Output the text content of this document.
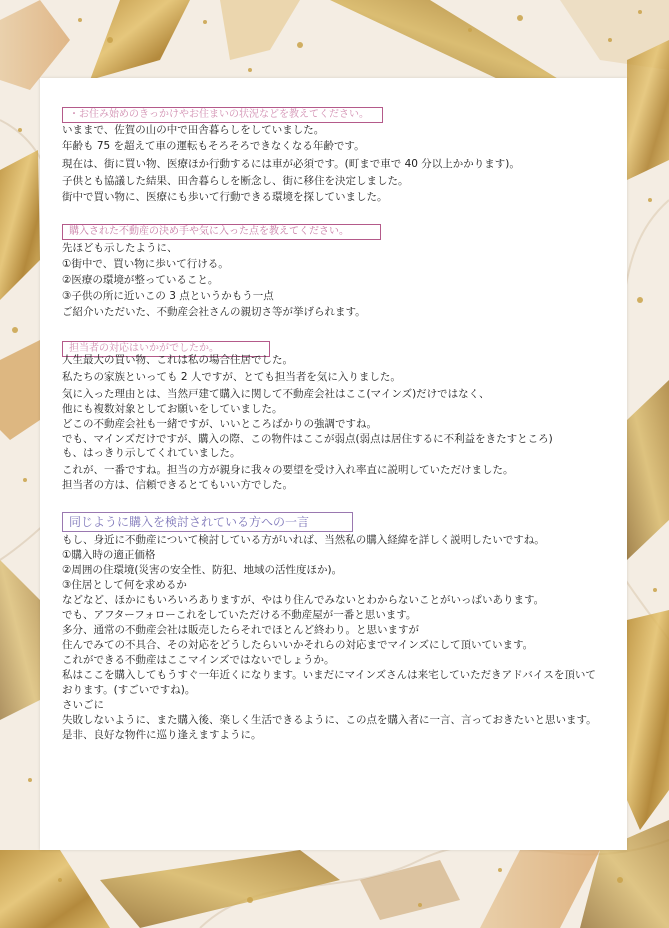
・お住み始めのきっかけやお住まいの状況などを教えてください。

いままで、佐賀の山の中で田舎暮らしをしていました。

年齢も 75 を超えて車の運転もそろそろできなくなる年齢です。

現在は、街に買い物、医療ほか行動するには車が必須です。(町まで車で 40 分以上かかります)。

子供とも協議した結果、田舎暮らしを断念し、街に移住を決定しました。

街中で買い物に、医療にも歩いて行動できる環境を探していました。

購入された不動産の決め手や気に入った点を教えてください。

先ほども示したように、

①街中で、買い物に歩いて行ける。

②医療の環境が整っていること。

③子供の所に近いこの 3 点というかもう一点

ご紹介いただいた、不動産会社さんの親切さ等が挙げられます。

担当者の対応はいかがでしたか。

人生最大の買い物、これは私の場合住居でした。

私たちの家族といっても 2 人ですが、とても担当者を気に入りました。

気に入った理由とは、当然戸建て購入に関して不動産会社はここ(マインズ)だけではなく、

他にも複数対象としてお願いをしていました。

どこの不動産会社も一緒ですが、いいところばかりの強調ですね。

でも、マインズだけですが、購入の際、この物件はここが弱点(弱点は居住するに不利益をきたすところ)

も、はっきり示してくれていました。

これが、一番ですね。担当の方が親身に我々の要望を受け入れ率直に説明していただけました。

担当者の方は、信頼できるとてもいい方でした。

同じように購入を検討されている方への一言

もし、身近に不動産について検討している方がいれば、当然私の購入経緯を詳しく説明したいですね。

①購入時の適正価格

②周囲の住環境(災害の安全性、防犯、地域の活性度ほか)。

③住居として何を求めるか

などなど、ほかにもいろいろありますが、やはり住んでみないとわからないことがいっぱいあります。

でも、アフターフォローこれをしていただける不動産屋が一番と思います。

多分、通常の不動産会社は販売したらそれでほとんど終わり。と思いますが

住んでみての不具合、その対応をどうしたらいいかそれらの対応までマインズにして頂いています。

これができる不動産はここマインズではないでしょうか。

私はここを購入してもうすぐ一年近くになります。いまだにマインズさんは来宅していただきアドバイスを頂いて

おります。(すごいですね)。

さいごに

失敗しないように、また購入後、楽しく生活できるように、この点を購入者に一言、言っておきたいと思います。

是非、良好な物件に巡り逢えますように。
